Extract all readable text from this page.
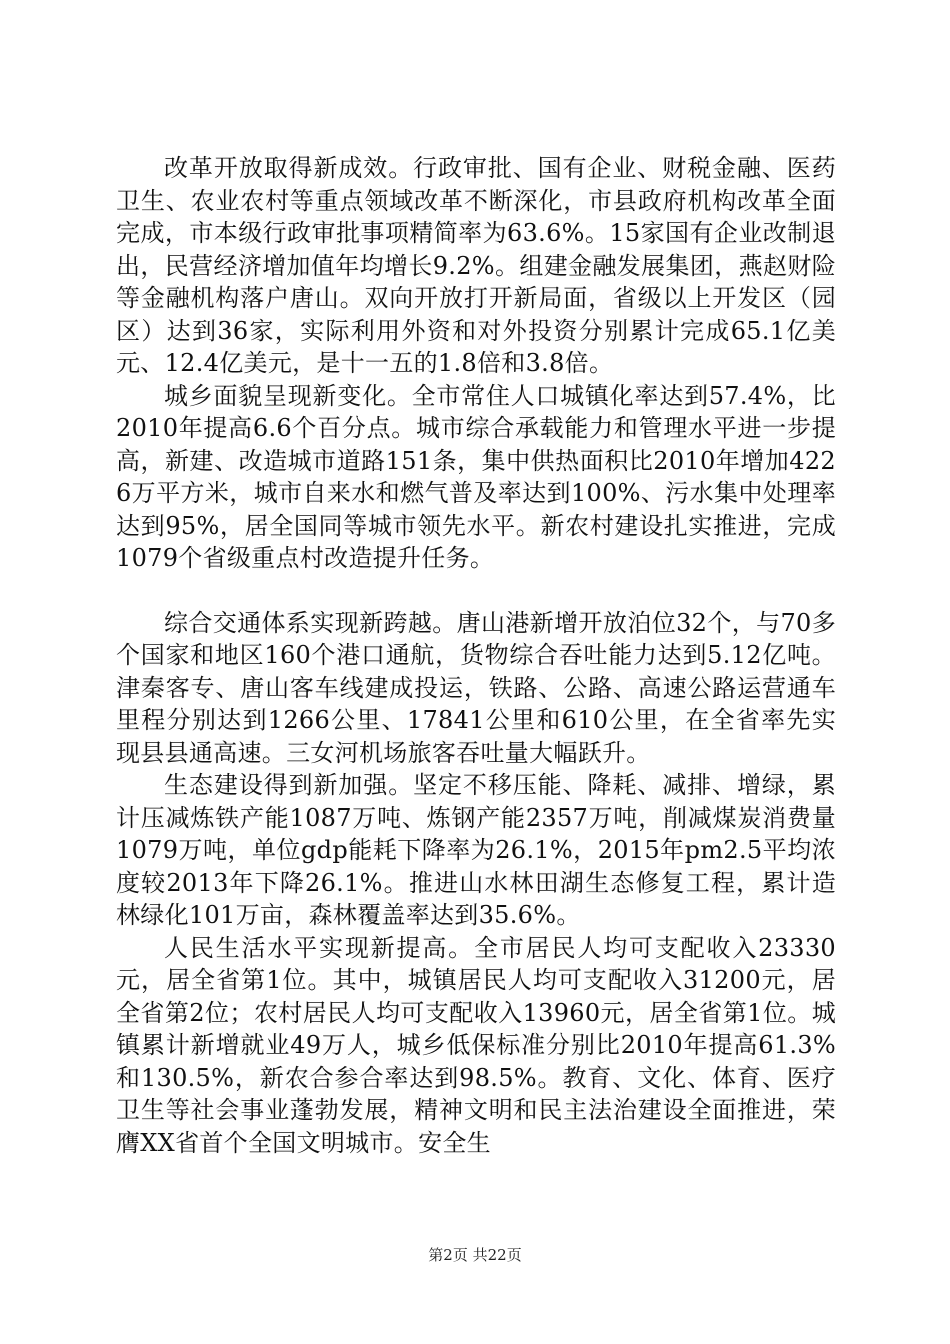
改革开放取得新成效。行政审批、国有企业、财税金融、医药卫生、农业农村等重点领域改革不断深化，市县政府机构改革全面完成，市本级行政审批事项精简率为63.6%。15家国有企业改制退出，民营经济增加值年均增长9.2%。组建金融发展集团，燕赵财险等金融机构落户唐山。双向开放打开新局面，省级以上开发区（园区）达到36家，实际利用外资和对外投资分别累计完成65.1亿美元、12.4亿美元，是十一五的1.8倍和3.8倍。

城乡面貌呈现新变化。全市常住人口城镇化率达到57.4%，比2010年提高6.6个百分点。城市综合承载能力和管理水平进一步提高，新建、改造城市道路151条，集中供热面积比2010年增加4226万平方米，城市自来水和燃气普及率达到100%、污水集中处理率达到95%，居全国同等城市领先水平。新农村建设扎实推进，完成1079个省级重点村改造提升任务。

综合交通体系实现新跨越。唐山港新增开放泊位32个，与70多个国家和地区160个港口通航，货物综合吞吐能力达到5.12亿吨。津秦客专、唐山客车线建成投运，铁路、公路、高速公路运营通车里程分别达到1266公里、17841公里和610公里，在全省率先实现县县通高速。三女河机场旅客吞吐量大幅跃升。

生态建设得到新加强。坚定不移压能、降耗、减排、增绿，累计压减炼铁产能1087万吨、炼钢产能2357万吨，削减煤炭消费量1079万吨，单位gdp能耗下降率为26.1%，2015年pm2.5平均浓度较2013年下降26.1%。推进山水林田湖生态修复工程，累计造林绿化101万亩，森林覆盖率达到35.6%。

人民生活水平实现新提高。全市居民人均可支配收入23330元，居全省第1位。其中，城镇居民人均可支配收入31200元，居全省第2位；农村居民人均可支配收入13960元，居全省第1位。城镇累计新增就业49万人，城乡低保标准分别比2010年提高61.3%和130.5%，新农合参合率达到98.5%。教育、文化、体育、医疗卫生等社会事业蓬勃发展，精神文明和民主法治建设全面推进，荣膺XX省首个全国文明城市。安全生

第2页 共22页
